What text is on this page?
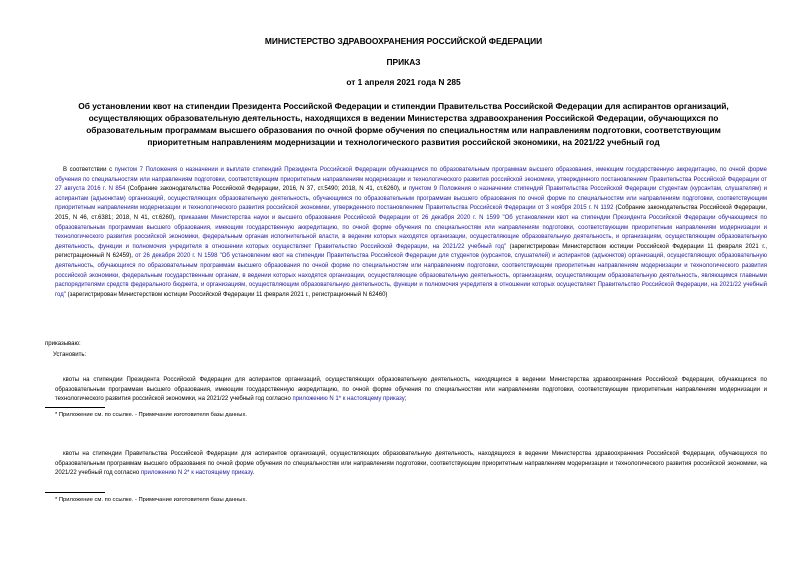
МИНИСТЕРСТВО ЗДРАВООХРАНЕНИЯ РОССИЙСКОЙ ФЕДЕРАЦИИ
ПРИКАЗ
от 1 апреля 2021 года N 285
Об установлении квот на стипендии Президента Российской Федерации и стипендии Правительства Российской Федерации для аспирантов организаций, осуществляющих образовательную деятельность, находящихся в ведении Министерства здравоохранения Российской Федерации, обучающихся по образовательным программам высшего образования по очной форме обучения по специальностям или направлениям подготовки, соответствующим приоритетным направлениям модернизации и технологического развития российской экономики, на 2021/22 учебный год
В соответствии с пунктом 7 Положения о назначении и выплате стипендий Президента Российской Федерации обучающимся по образовательным программам высшего образования, имеющим государственную аккредитацию, по очной форме обучения по специальностям или направлениям подготовки, соответствующим приоритетным направлениям модернизации и технологического развития российской экономики, утвержденного постановлением Правительства Российской Федерации от 27 августа 2016 г. N 854 (Собрание законодательства Российской Федерации, 2016, N 37, ст.5490; 2018, N 41, ст.6260), и пунктом 9 Положения о назначении стипендий Правительства Российской Федерации студентам (курсантам, слушателям) и аспирантам (адъюнктам) организаций, осуществляющих образовательную деятельность, обучающимся по образовательным программам высшего образования по очной форме по специальностям или направлениям подготовки, соответствующим приоритетным направлениям модернизации и технологического развития российской экономики, утвержденного постановлением Правительства Российской Федерации от 3 ноября 2015 г. N 1192 (Собрание законодательства Российской Федерации, 2015, N 46, ст.6381; 2018, N 41, ст.6260), приказами Министерства науки и высшего образования Российской Федерации от 26 декабря 2020 г. N 1599 "Об установлении квот на стипендии Президента Российской Федерации обучающимся по образовательным программам высшего образования, имеющим государственную аккредитацию, по очной форме обучения по специальностям или направлениям подготовки, соответствующим приоритетным направлениям модернизации и технологического развития российской экономики, федеральным органам исполнительной власти, в ведении которых находятся организации, осуществляющие образовательную деятельность, и организациям, осуществляющим образовательную деятельность, функции и полномочия учредителя в отношении которых осуществляет Правительство Российской Федерации, на 2021/22 учебный год" (зарегистрирован Министерством юстиции Российской Федерации 11 февраля 2021 г., регистрационный N 62459), от 26 декабря 2020 г. N 1598 "Об установлении квот на стипендии Правительства Российской Федерации для студентов (курсантов, слушателей) и аспирантов (адъюнктов) организаций, осуществляющих образовательную деятельность, обучающихся по образовательным программам высшего образования по очной форме по специальностям или направлениям подготовки, соответствующим приоритетным направлениям модернизации и технологического развития российской экономики, федеральным государственным органам, в ведении которых находятся организации, осуществляющие образовательную деятельность, организациям, осуществляющим образовательную деятельность, являющимся главными распорядителями средств федерального бюджета, и организациям, осуществляющим образовательную деятельность, функции и полномочия учредителя в отношении которых осуществляет Правительство Российской Федерации, на 2021/22 учебный год" (зарегистрирован Министерством юстиции Российской Федерации 11 февраля 2021 г., регистрационный N 62460)
приказываю:
Установить:
квоты на стипендии Президента Российской Федерации для аспирантов организаций, осуществляющих образовательную деятельность, находящихся в ведении Министерства здравоохранения Российской Федерации, обучающихся по образовательным программам высшего образования, имеющим государственную аккредитацию, по очной форме обучения по специальностям или направлениям подготовки, соответствующим приоритетным направлениям модернизации и технологического развития российской экономики, на 2021/22 учебный год согласно приложению N 1* к настоящему приказу;
* Приложение см. по ссылке. - Примечание изготовителя базы данных.
квоты на стипендии Правительства Российской Федерации для аспирантов организаций, осуществляющих образовательную деятельность, находящихся в ведении Министерства здравоохранения Российской Федерации, обучающихся по образовательным программам высшего образования по очной форме обучения по специальностям или направлениям подготовки, соответствующим приоритетным направлениям модернизации и технологического развития российской экономики, на 2021/22 учебный год согласно приложению N 2* к настоящему приказу.
* Приложение см. по ссылке. - Примечание изготовителя базы данных.
